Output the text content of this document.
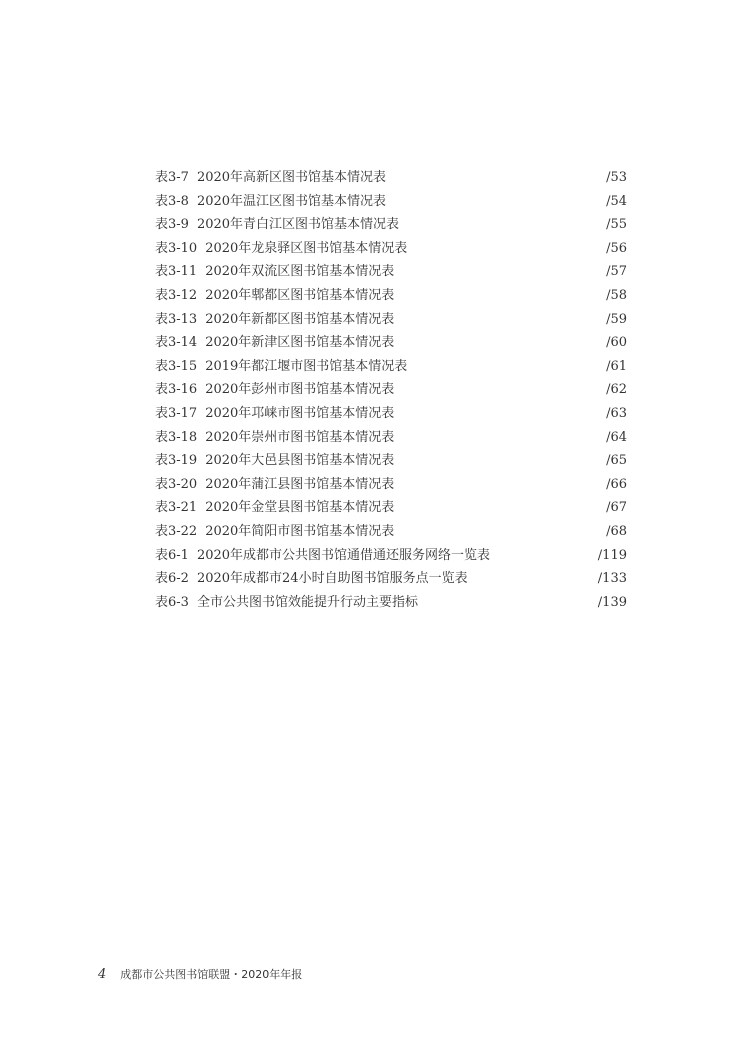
表3-7 2020年高新区图书馆基本情况表	/53
表3-8 2020年温江区图书馆基本情况表	/54
表3-9 2020年青白江区图书馆基本情况表	/55
表3-10 2020年龙泉驿区图书馆基本情况表	/56
表3-11 2020年双流区图书馆基本情况表	/57
表3-12 2020年郫都区图书馆基本情况表	/58
表3-13 2020年新都区图书馆基本情况表	/59
表3-14 2020年新津区图书馆基本情况表	/60
表3-15 2019年都江堰市图书馆基本情况表	/61
表3-16 2020年彭州市图书馆基本情况表	/62
表3-17 2020年邛崃市图书馆基本情况表	/63
表3-18 2020年崇州市图书馆基本情况表	/64
表3-19 2020年大邑县图书馆基本情况表	/65
表3-20 2020年蒲江县图书馆基本情况表	/66
表3-21 2020年金堂县图书馆基本情况表	/67
表3-22 2020年简阳市图书馆基本情况表	/68
表6-1 2020年成都市公共图书馆通借通还服务网络一览表	/119
表6-2 2020年成都市24小时自助图书馆服务点一览表	/133
表6-3 全市公共图书馆效能提升行动主要指标	/139
4 成都市公共图书馆联盟・2020年年报
